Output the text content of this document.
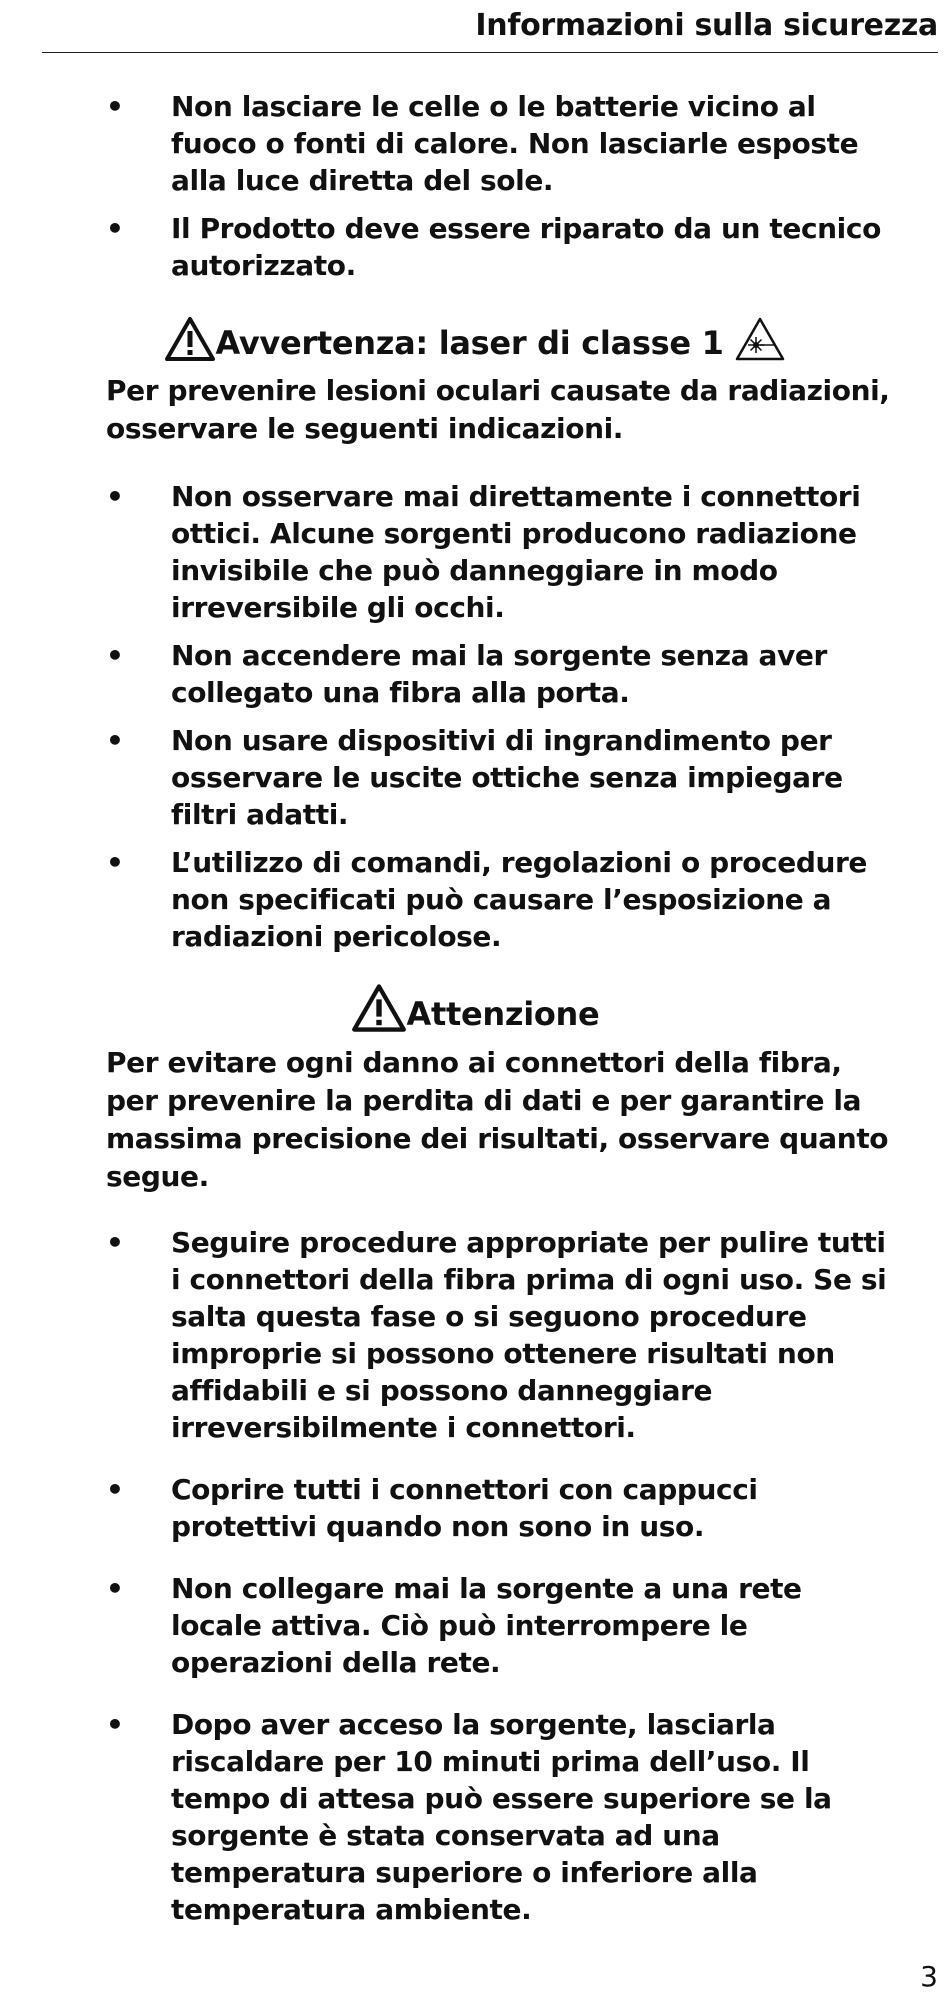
Informazioni sulla sicurezza
• Non lasciare le celle o le batterie vicino al fuoco o fonti di calore. Non lasciarle esposte alla luce diretta del sole.
• Il Prodotto deve essere riparato da un tecnico autorizzato.
Avvertenza: laser di classe 1
Per prevenire lesioni oculari causate da radiazioni, osservare le seguenti indicazioni.
• Non osservare mai direttamente i connettori ottici. Alcune sorgenti producono radiazione invisibile che può danneggiare in modo irreversibile gli occhi.
• Non accendere mai la sorgente senza aver collegato una fibra alla porta.
• Non usare dispositivi di ingrandimento per osservare le uscite ottiche senza impiegare filtri adatti.
• L’utilizzo di comandi, regolazioni o procedure non specificati può causare l’esposizione a radiazioni pericolose.
Attenzione
Per evitare ogni danno ai connettori della fibra, per prevenire la perdita di dati e per garantire la massima precisione dei risultati, osservare quanto segue.
• Seguire procedure appropriate per pulire tutti i connettori della fibra prima di ogni uso. Se si salta questa fase o si seguono procedure improprie si possono ottenere risultati non affidabili e si possono danneggiare irreversibilmente i connettori.
• Coprire tutti i connettori con cappucci protettivi quando non sono in uso.
• Non collegare mai la sorgente a una rete locale attiva. Ciò può interrompere le operazioni della rete.
• Dopo aver acceso la sorgente, lasciarla riscaldare per 10 minuti prima dell’uso. Il tempo di attesa può essere superiore se la sorgente è stata conservata ad una temperatura superiore o inferiore alla temperatura ambiente.
3
